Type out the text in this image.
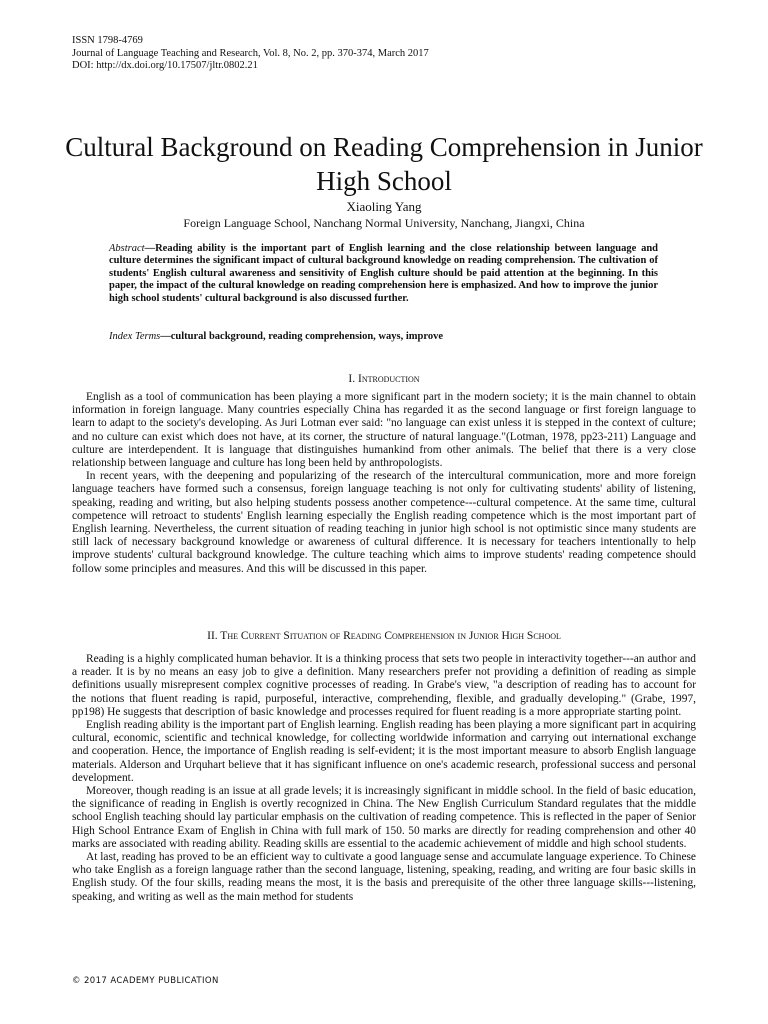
ISSN 1798-4769
Journal of Language Teaching and Research, Vol. 8, No. 2, pp. 370-374, March 2017
DOI: http://dx.doi.org/10.17507/jltr.0802.21
Cultural Background on Reading Comprehension in Junior High School
Xiaoling Yang
Foreign Language School, Nanchang Normal University, Nanchang, Jiangxi, China
Abstract—Reading ability is the important part of English learning and the close relationship between language and culture determines the significant impact of cultural background knowledge on reading comprehension. The cultivation of students' English cultural awareness and sensitivity of English culture should be paid attention at the beginning. In this paper, the impact of the cultural knowledge on reading comprehension here is emphasized. And how to improve the junior high school students' cultural background is also discussed further.
Index Terms—cultural background, reading comprehension, ways, improve
I. Introduction

English as a tool of communication has been playing a more significant part in the modern society; it is the main channel to obtain information in foreign language. Many countries especially China has regarded it as the second language or first foreign language to learn to adapt to the society's developing. As Juri Lotman ever said: "no language can exist unless it is stepped in the context of culture; and no culture can exist which does not have, at its corner, the structure of natural language."(Lotman, 1978, pp23-211) Language and culture are interdependent. It is language that distinguishes humankind from other animals. The belief that there is a very close relationship between language and culture has long been held by anthropologists.

In recent years, with the deepening and popularizing of the research of the intercultural communication, more and more foreign language teachers have formed such a consensus, foreign language teaching is not only for cultivating students' ability of listening, speaking, reading and writing, but also helping students possess another competence---cultural competence. At the same time, cultural competence will retroact to students' English learning especially the English reading competence which is the most important part of English learning. Nevertheless, the current situation of reading teaching in junior high school is not optimistic since many students are still lack of necessary background knowledge or awareness of cultural difference. It is necessary for teachers intentionally to help improve students' cultural background knowledge. The culture teaching which aims to improve students' reading competence should follow some principles and measures. And this will be discussed in this paper.

II. The Current Situation of Reading Comprehension in Junior High School

Reading is a highly complicated human behavior. It is a thinking process that sets two people in interactivity together---an author and a reader. It is by no means an easy job to give a definition. Many researchers prefer not providing a definition of reading as simple definitions usually misrepresent complex cognitive processes of reading. In Grabe's view, "a description of reading has to account for the notions that fluent reading is rapid, purposeful, interactive, comprehending, flexible, and gradually developing." (Grabe, 1997, pp198) He suggests that description of basic knowledge and processes required for fluent reading is a more appropriate starting point.

English reading ability is the important part of English learning. English reading has been playing a more significant part in acquiring cultural, economic, scientific and technical knowledge, for collecting worldwide information and carrying out international exchange and cooperation. Hence, the importance of English reading is self-evident; it is the most important measure to absorb English language materials. Alderson and Urquhart believe that it has significant influence on one's academic research, professional success and personal development.

Moreover, though reading is an issue at all grade levels; it is increasingly significant in middle school. In the field of basic education, the significance of reading in English is overtly recognized in China. The New English Curriculum Standard regulates that the middle school English teaching should lay particular emphasis on the cultivation of reading competence. This is reflected in the paper of Senior High School Entrance Exam of English in China with full mark of 150. 50 marks are directly for reading comprehension and other 40 marks are associated with reading ability. Reading skills are essential to the academic achievement of middle and high school students.

At last, reading has proved to be an efficient way to cultivate a good language sense and accumulate language experience. To Chinese who take English as a foreign language rather than the second language, listening, speaking, reading, and writing are four basic skills in English study. Of the four skills, reading means the most, it is the basis and prerequisite of the other three language skills---listening, speaking, and writing as well as the main method for students

© 2017 ACADEMY PUBLICATION
